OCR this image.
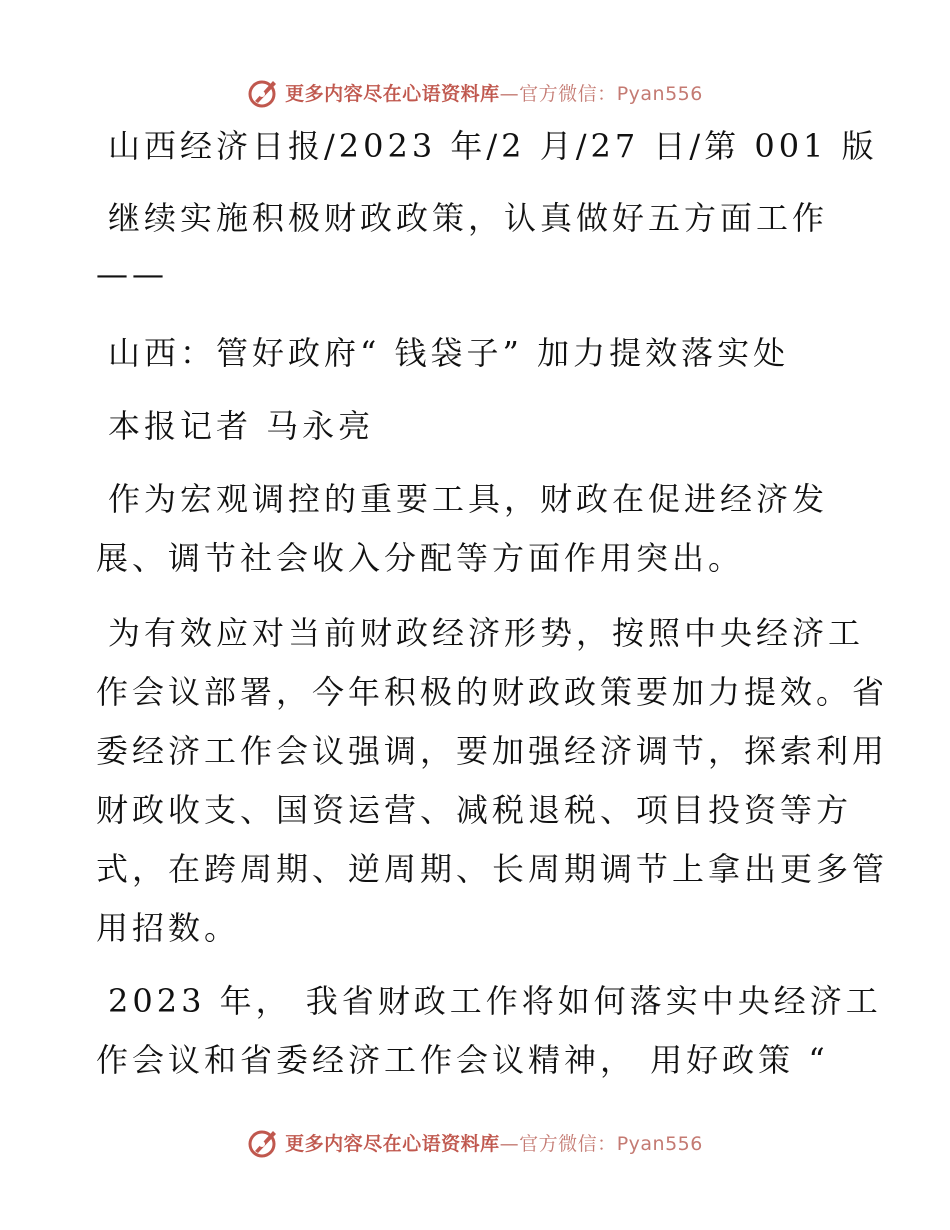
更多内容尽在心语资料库—官方微信：Pyan556
山西经济日报/2023 年/2 月/27 日/第 001 版
继续实施积极财政政策，认真做好五方面工作
——
山西：管好政府“ 钱袋子” 加力提效落实处
本报记者 马永亮
作为宏观调控的重要工具，财政在促进经济发
展、调节社会收入分配等方面作用突出。
为有效应对当前财政经济形势，按照中央经济工
作会议部署，今年积极的财政政策要加力提效。省
委经济工作会议强调，要加强经济调节，探索利用
财政收支、国资运营、减税退税、项目投资等方
式，在跨周期、逆周期、长周期调节上拿出更多管
用招数。
2023 年， 我省财政工作将如何落实中央经济工
作会议和省委经济工作会议精神， 用好政策 “
更多内容尽在心语资料库—官方微信：Pyan556
